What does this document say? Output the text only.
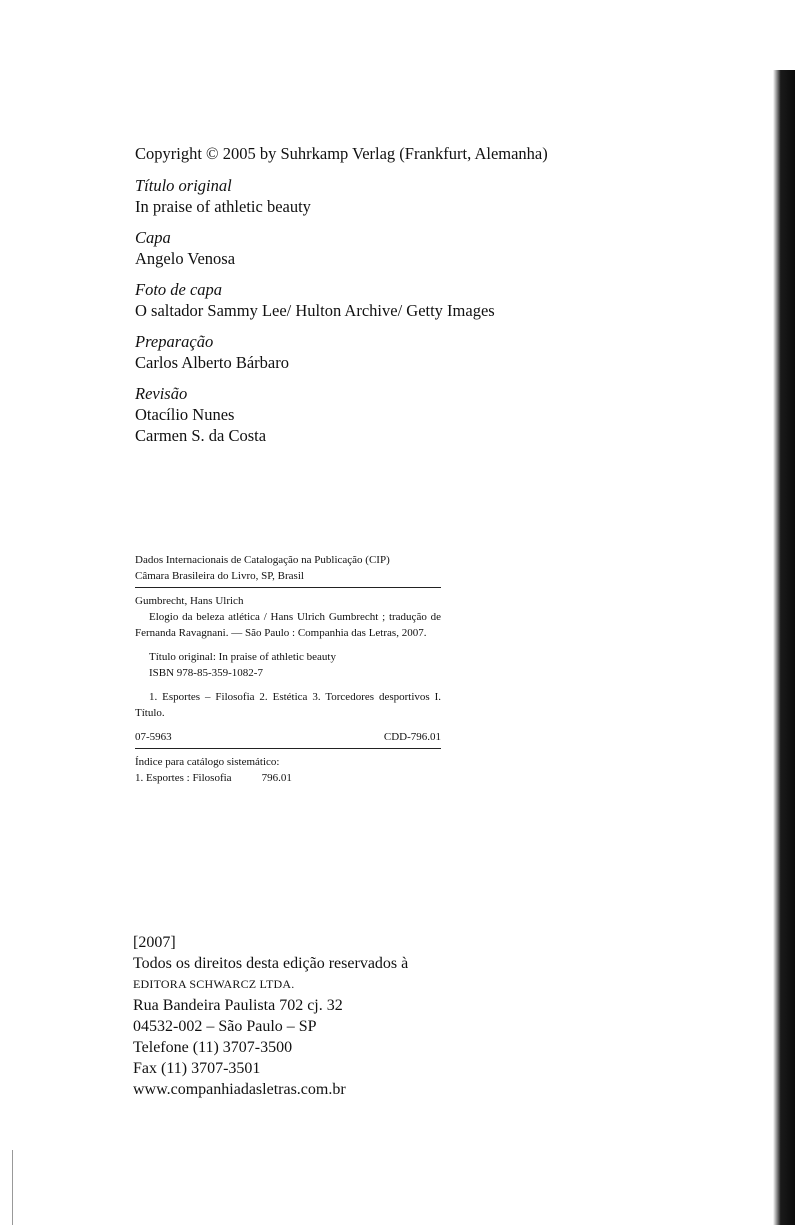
Copyright © 2005 by Suhrkamp Verlag (Frankfurt, Alemanha)
Título original
In praise of athletic beauty
Capa
Angelo Venosa
Foto de capa
O saltador Sammy Lee/ Hulton Archive/ Getty Images
Preparação
Carlos Alberto Bárbaro
Revisão
Otacílio Nunes
Carmen S. da Costa
Dados Internacionais de Catalogação na Publicação (CIP)
Câmara Brasileira do Livro, SP, Brasil
Gumbrecht, Hans Ulrich
Elogio da beleza atlética / Hans Ulrich Gumbrecht ; tradução de Fernanda Ravagnani. — São Paulo : Companhia das Letras, 2007.
Título original: In praise of athletic beauty
ISBN 978-85-359-1082-7
1. Esportes – Filosofia 2. Estética 3. Torcedores desportivos I. Título.
07-5963	CDD-796.01
Índice para catálogo sistemático:
1. Esportes : Filosofia	796.01
[2007]
Todos os direitos desta edição reservados à
EDITORA SCHWARCZ LTDA.
Rua Bandeira Paulista 702 cj. 32
04532-002 – São Paulo – SP
Telefone (11) 3707-3500
Fax (11) 3707-3501
www.companhiadasletras.com.br
